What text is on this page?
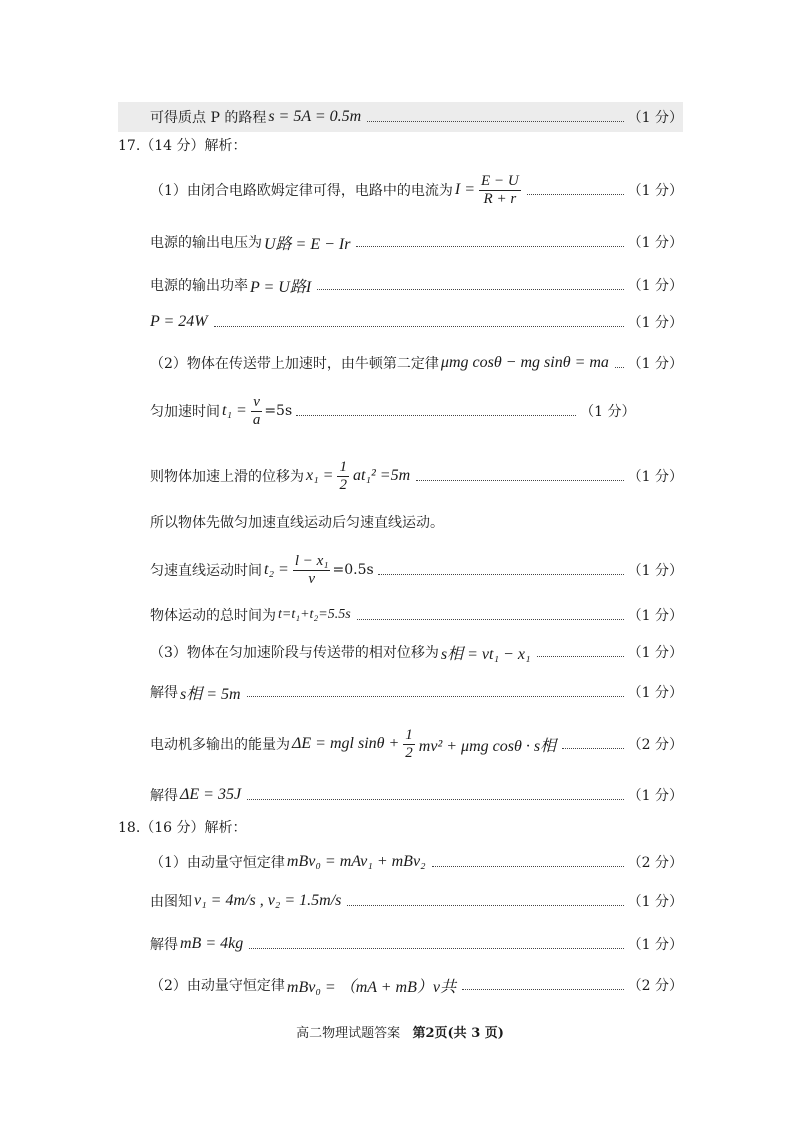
可得质点 P 的路程 s = 5A = 0.5m	（1 分）
17.（14 分）解析：
（1）由闭合电路欧姆定律可得，电路中的电流为 $I = \frac{E - U}{R + r}$	（1 分）
电源的输出电压为 U路 = E − Ir	（1 分）
电源的输出功率 P = U路I	（1 分）
P = 24W	（1 分）
（2）物体在传送带上加速时，由牛顿第二定律 μmg cosθ − mg sinθ = ma （1 分）
匀加速时间 $t_1 = \frac{v}{a} =5s$	（1 分）
则物体加速上滑的位移为 $x_1 = \frac{1}{2} at_1^2 =5m$	（1 分）
所以物体先做匀加速直线运动后匀速直线运动。
匀速直线运动时间 $t_2 = \frac{\text{l − x₁}}{v} =0.5s$	（1 分）
物体运动的总时间为 t=t₁+t₂=5.5s	（1 分）
（3）物体在匀加速阶段与传送带的相对位移为 s相 = vt₁ − x₁	（1 分）
解得 s相 = 5m	（1 分）
电动机多输出的能量为 ΔE = mgl $\sin\theta + \frac{1}{2} mv^2 + \mu mg$ cosθ · s相	（2 分）
解得 ΔE = 35J	（1 分）
18.（16 分）解析：
（1）由动量守恒定律 mBv₀ = mAv₁ + mBv₂	（2 分）
由图知 v₁ = 4m/s , v₂ = 1.5m/s	（1 分）
解得 mB = 4kg	（1 分）
（2）由动量守恒定律 mBv₀ = （mA + mB）v共	（2 分）
高二物理试题答案 第2页(共 3 页)
